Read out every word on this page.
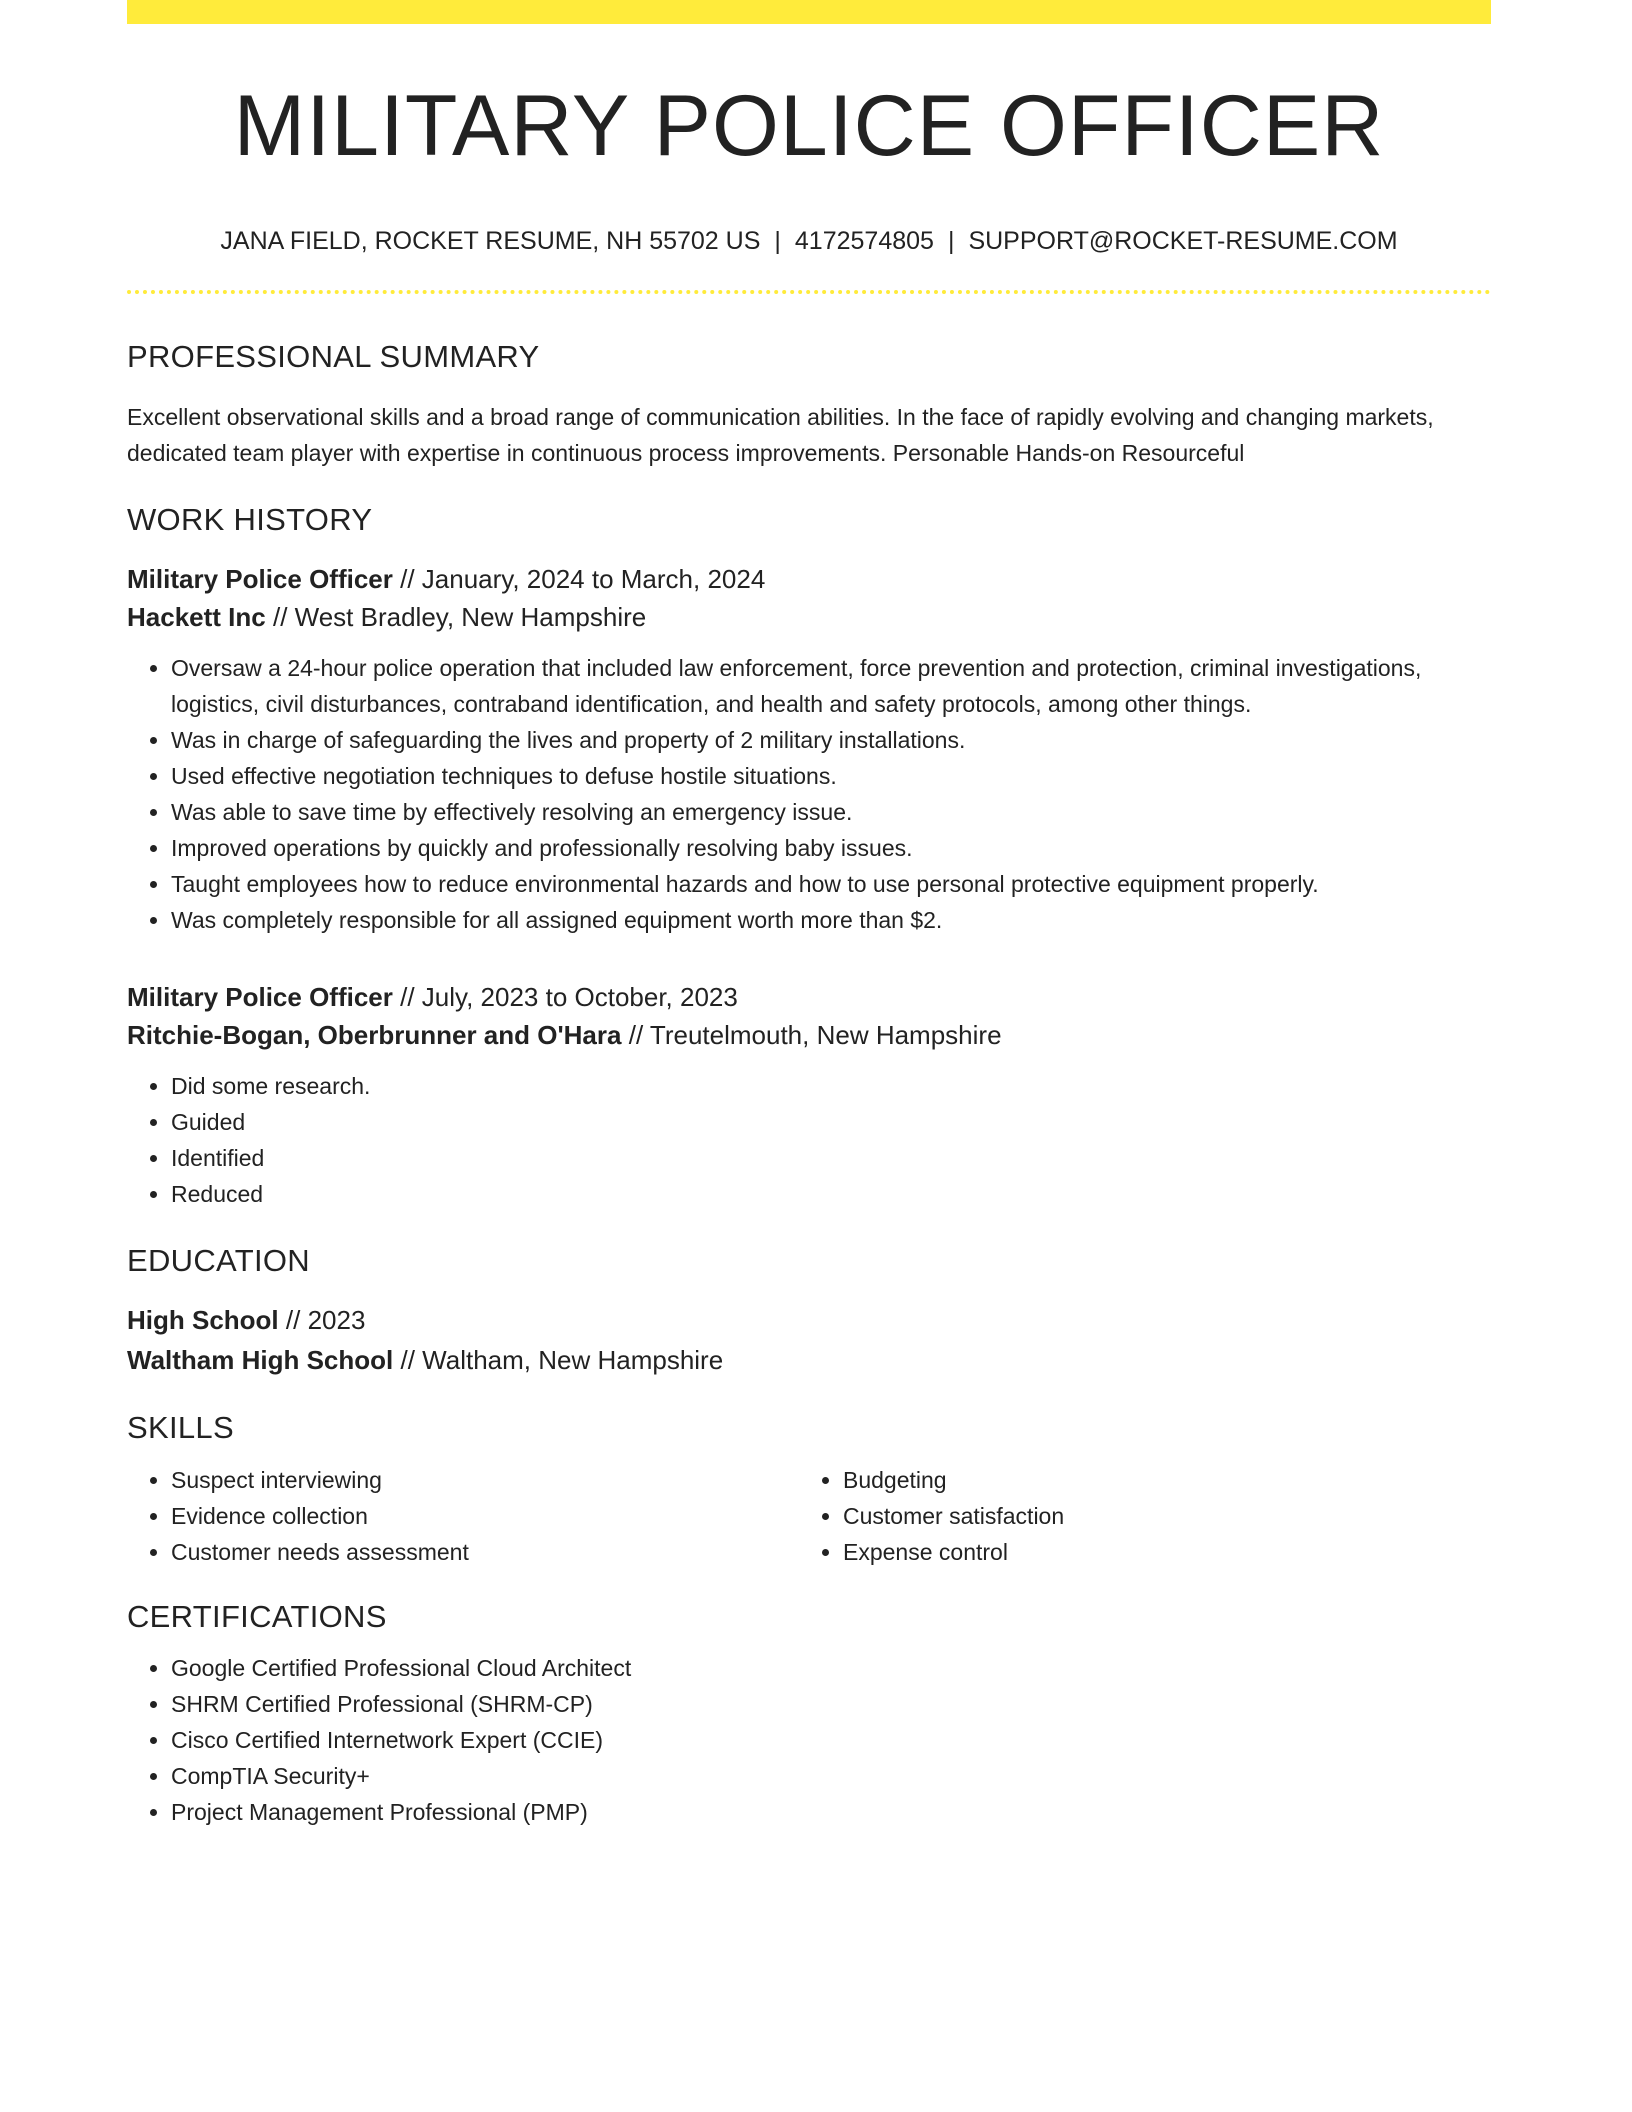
MILITARY POLICE OFFICER
JANA FIELD, ROCKET RESUME, NH 55702 US | 4172574805 | SUPPORT@ROCKET-RESUME.COM
PROFESSIONAL SUMMARY
Excellent observational skills and a broad range of communication abilities. In the face of rapidly evolving and changing markets, dedicated team player with expertise in continuous process improvements. Personable Hands-on Resourceful
WORK HISTORY
Military Police Officer // January, 2024 to March, 2024
Hackett Inc // West Bradley, New Hampshire
• Oversaw a 24-hour police operation that included law enforcement, force prevention and protection, criminal investigations, logistics, civil disturbances, contraband identification, and health and safety protocols, among other things.
• Was in charge of safeguarding the lives and property of 2 military installations.
• Used effective negotiation techniques to defuse hostile situations.
• Was able to save time by effectively resolving an emergency issue.
• Improved operations by quickly and professionally resolving baby issues.
• Taught employees how to reduce environmental hazards and how to use personal protective equipment properly.
• Was completely responsible for all assigned equipment worth more than $2.
Military Police Officer // July, 2023 to October, 2023
Ritchie-Bogan, Oberbrunner and O'Hara // Treutelmouth, New Hampshire
• Did some research.
• Guided
• Identified
• Reduced
EDUCATION
High School // 2023
Waltham High School // Waltham, New Hampshire
SKILLS
• Suspect interviewing
• Evidence collection
• Customer needs assessment
• Budgeting
• Customer satisfaction
• Expense control
CERTIFICATIONS
• Google Certified Professional Cloud Architect
• SHRM Certified Professional (SHRM-CP)
• Cisco Certified Internetwork Expert (CCIE)
• CompTIA Security+
• Project Management Professional (PMP)
